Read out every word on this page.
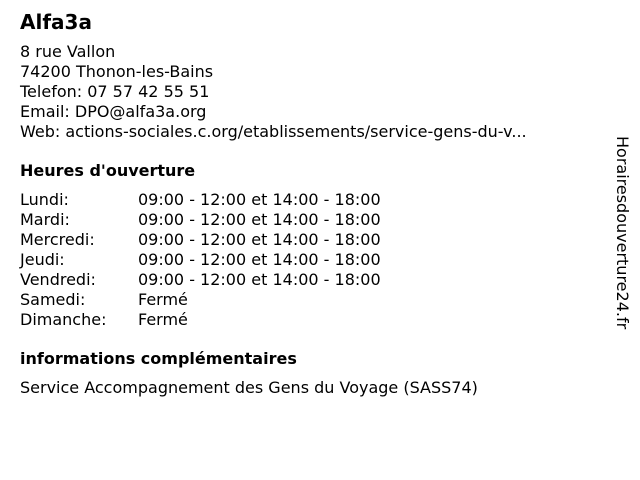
Alfa3a
8 rue Vallon
74200 Thonon-les-Bains
Telefon: 07 57 42 55 51
Email: DPO@alfa3a.org
Web: actions-sociales.c.org/etablissements/service-gens-du-v...
Heures d'ouverture
Lundi:	09:00 - 12:00 et 14:00 - 18:00
Mardi:	09:00 - 12:00 et 14:00 - 18:00
Mercredi:	09:00 - 12:00 et 14:00 - 18:00
Jeudi:	09:00 - 12:00 et 14:00 - 18:00
Vendredi:	09:00 - 12:00 et 14:00 - 18:00
Samedi:	Fermé
Dimanche:	Fermé
informations complémentaires
Service Accompagnement des Gens du Voyage (SASS74)
Horairesdouverture24.fr
